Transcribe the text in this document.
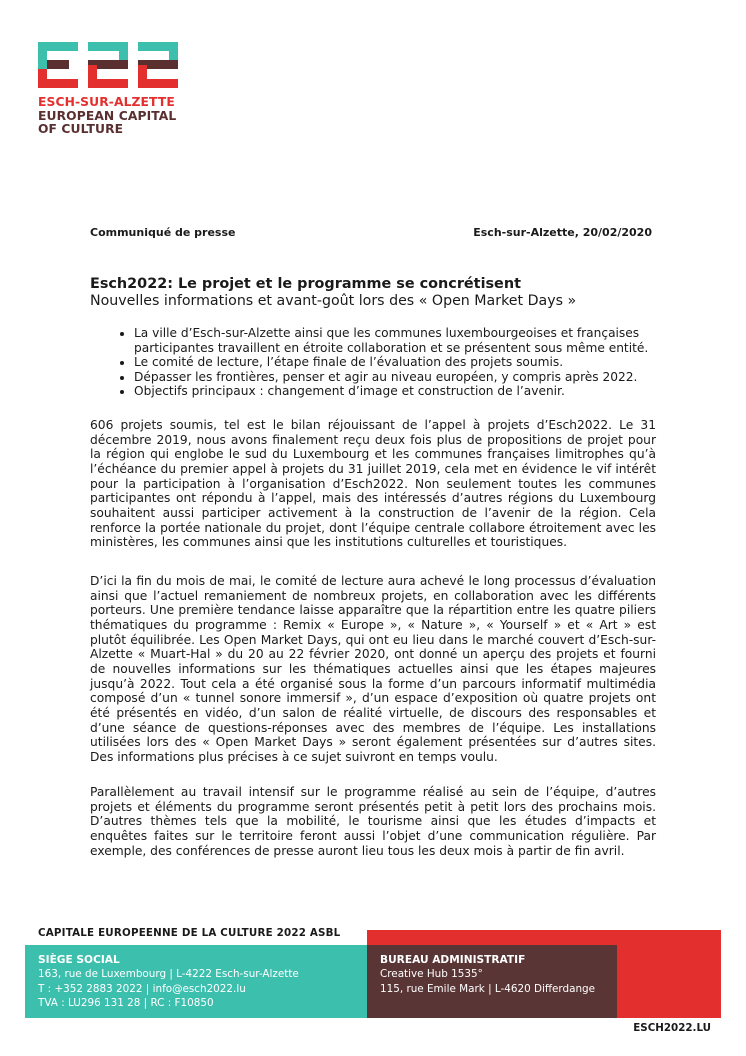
ESCH-SUR-ALZETTE
EUROPEAN CAPITAL
OF CULTURE
Communiqué de presse	Esch-sur-Alzette, 20/02/2020
Esch2022: Le projet et le programme se concrétisent
Nouvelles informations et avant-goût lors des « Open Market Days »
• La ville d’Esch-sur-Alzette ainsi que les communes luxembourgeoises et françaises participantes travaillent en étroite collaboration et se présentent sous même entité.
• Le comité de lecture, l’étape finale de l’évaluation des projets soumis.
• Dépasser les frontières, penser et agir au niveau européen, y compris après 2022.
• Objectifs principaux : changement d’image et construction de l’avenir.

606 projets soumis, tel est le bilan réjouissant de l’appel à projets d’Esch2022. Le 31 décembre 2019, nous avons finalement reçu deux fois plus de propositions de projet pour la région qui englobe le sud du Luxembourg et les communes françaises limitrophes qu’à l’échéance du premier appel à projets du 31 juillet 2019, cela met en évidence le vif intérêt pour la participation à l’organisation d’Esch2022. Non seulement toutes les communes participantes ont répondu à l’appel, mais des intéressés d’autres régions du Luxembourg souhaitent aussi participer activement à la construction de l’avenir de la région. Cela renforce la portée nationale du projet, dont l’équipe centrale collabore étroitement avec les ministères, les communes ainsi que les institutions culturelles et touristiques.

D’ici la fin du mois de mai, le comité de lecture aura achevé le long processus d’évaluation ainsi que l’actuel remaniement de nombreux projets, en collaboration avec les différents porteurs. Une première tendance laisse apparaître que la répartition entre les quatre piliers thématiques du programme : Remix « Europe », « Nature », « Yourself » et « Art » est plutôt équilibrée. Les Open Market Days, qui ont eu lieu dans le marché couvert d’Esch-sur-Alzette « Muart-Hal » du 20 au 22 février 2020, ont donné un aperçu des projets et fourni de nouvelles informations sur les thématiques actuelles ainsi que les étapes majeures jusqu’à 2022. Tout cela a été organisé sous la forme d’un parcours informatif multimédia composé d’un « tunnel sonore immersif », d’un espace d’exposition où quatre projets ont été présentés en vidéo, d’un salon de réalité virtuelle, de discours des responsables et d’une séance de questions-réponses avec des membres de l’équipe. Les installations utilisées lors des « Open Market Days » seront également présentées sur d’autres sites. Des informations plus précises à ce sujet suivront en temps voulu.

Parallèlement au travail intensif sur le programme réalisé au sein de l’équipe, d’autres projets et éléments du programme seront présentés petit à petit lors des prochains mois. D’autres thèmes tels que la mobilité, le tourisme ainsi que les études d’impacts et enquêtes faites sur le territoire feront aussi l’objet d’une communication régulière. Par exemple, des conférences de presse auront lieu tous les deux mois à partir de fin avril.

CAPITALE EUROPEENNE DE LA CULTURE 2022 ASBL
SIÈGE SOCIAL
163, rue de Luxembourg | L-4222 Esch-sur-Alzette
T : +352 2883 2022 | info@esch2022.lu
TVA : LU296 131 28 | RC : F10850
BUREAU ADMINISTRATIF
Creative Hub 1535°
115, rue Emile Mark | L-4620 Differdange
ESCH2022.LU
